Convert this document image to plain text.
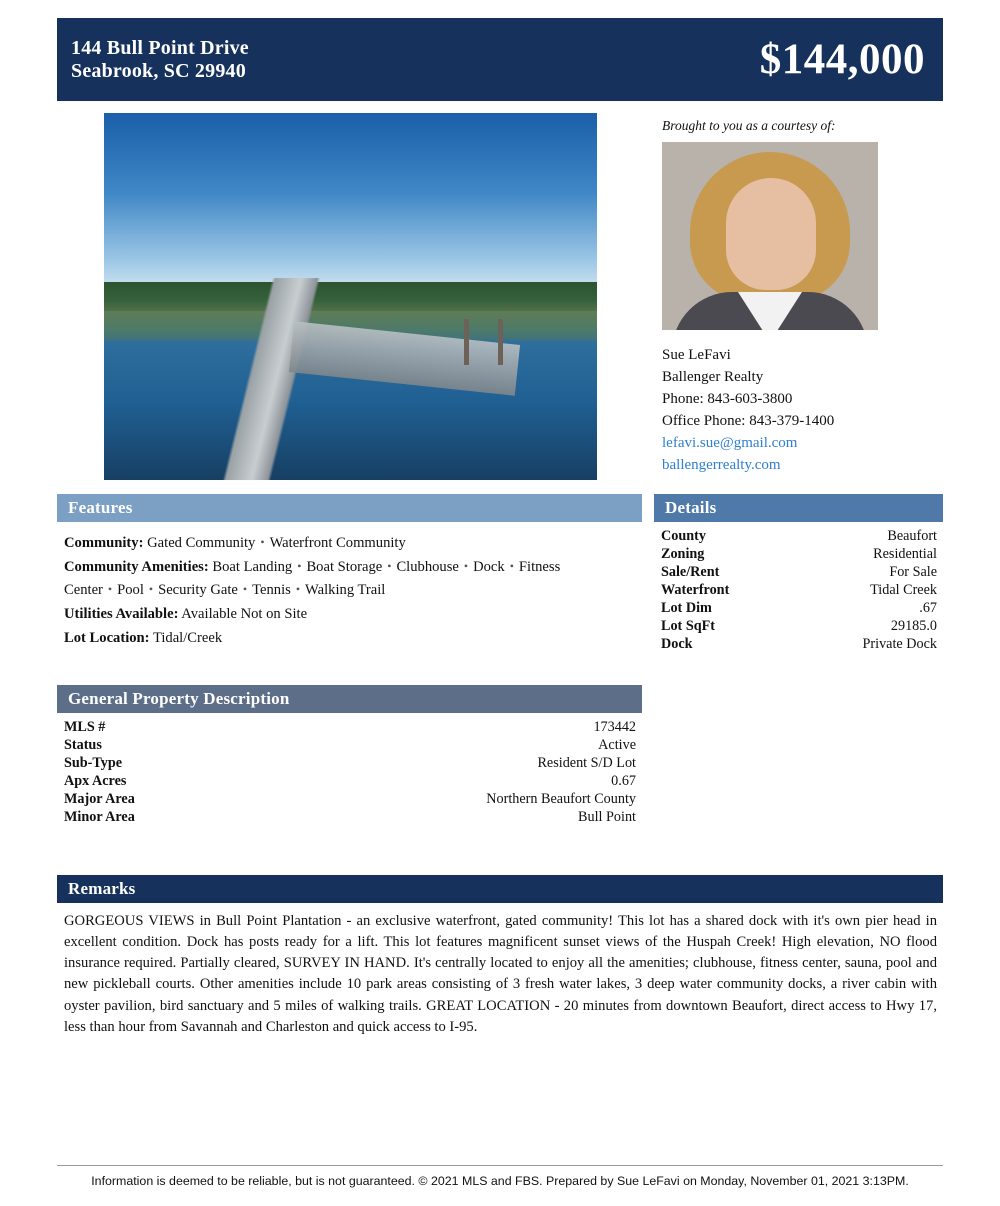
144 Bull Point Drive
Seabrook, SC 29940	$144,000
Brought to you as a courtesy of:
Sue LeFavi
Ballenger Realty
Phone: 843-603-3800
Office Phone: 843-379-1400
lefavi.sue@gmail.com
ballengerrealty.com
Features
Community: Gated Community • Waterfront Community
Community Amenities: Boat Landing • Boat Storage • Clubhouse • Dock • Fitness Center • Pool • Security Gate • Tennis • Walking Trail
Utilities Available: Available Not on Site
Lot Location: Tidal/Creek
Details
County	Beaufort
Zoning	Residential
Sale/Rent	For Sale
Waterfront	Tidal Creek
Lot Dim	.67
Lot SqFt	29185.0
Dock	Private Dock
General Property Description
MLS #	173442
Status	Active
Sub-Type	Resident S/D Lot
Apx Acres	0.67
Major Area	Northern Beaufort County
Minor Area	Bull Point
Remarks
GORGEOUS VIEWS in Bull Point Plantation - an exclusive waterfront, gated community! This lot has a shared dock with it's own pier head in excellent condition. Dock has posts ready for a lift. This lot features magnificent sunset views of the Huspah Creek! High elevation, NO flood insurance required. Partially cleared, SURVEY IN HAND. It's centrally located to enjoy all the amenities; clubhouse, fitness center, sauna, pool and new pickleball courts. Other amenities include 10 park areas consisting of 3 fresh water lakes, 3 deep water community docks, a river cabin with oyster pavilion, bird sanctuary and 5 miles of walking trails. GREAT LOCATION - 20 minutes from downtown Beaufort, direct access to Hwy 17, less than hour from Savannah and Charleston and quick access to I-95.
Information is deemed to be reliable, but is not guaranteed. © 2021 MLS and FBS. Prepared by Sue LeFavi on Monday, November 01, 2021 3:13PM.
